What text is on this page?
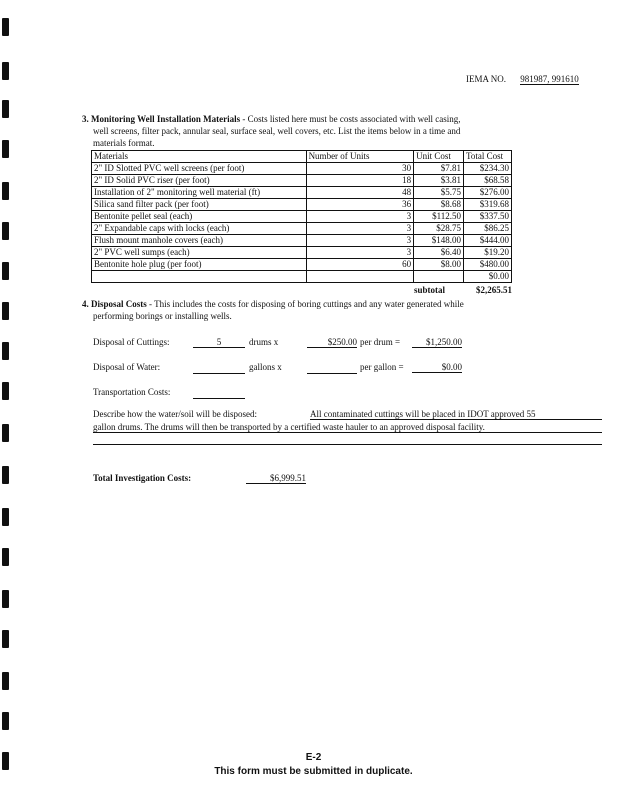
IEMA NO. 981987, 991610
3. Monitoring Well Installation Materials - Costs listed here must be costs associated with well casing,
well screens, filter pack, annular seal, surface seal, well covers, etc. List the items below in a time and
materials format.
Materials	Number of Units	Unit Cost	Total Cost
2" ID Slotted PVC well screens (per foot)	30	$7.81	$234.30
2" ID Solid PVC riser (per foot)	18	$3.81	$68.58
Installation of 2" monitoring well material (ft)	48	$5.75	$276.00
Silica sand filter pack (per foot)	36	$8.68	$319.68
Bentonite pellet seal (each)	3	$112.50	$337.50
2" Expandable caps with locks (each)	3	$28.75	$86.25
Flush mount manhole covers (each)	3	$148.00	$444.00
2" PVC well sumps (each)	3	$6.40	$19.20
Bentonite hole plug (per foot)	60	$8.00	$480.00
			$0.00
subtotal	$2,265.51
4. Disposal Costs - This includes the costs for disposing of boring cuttings and any water generated while
performing borings or installing wells.
Disposal of Cuttings:	5	drums x	$250.00 per drum =	$1,250.00
Disposal of Water:	gallons x	per gallon =	$0.00
Transportation Costs:
Describe how the water/soil will be disposed:	All contaminated cuttings will be placed in IDOT approved 55
gallon drums. The drums will then be transported by a certified waste hauler to an approved disposal facility.
Total Investigation Costs:	$6,999.51
E-2
This form must be submitted in duplicate.
